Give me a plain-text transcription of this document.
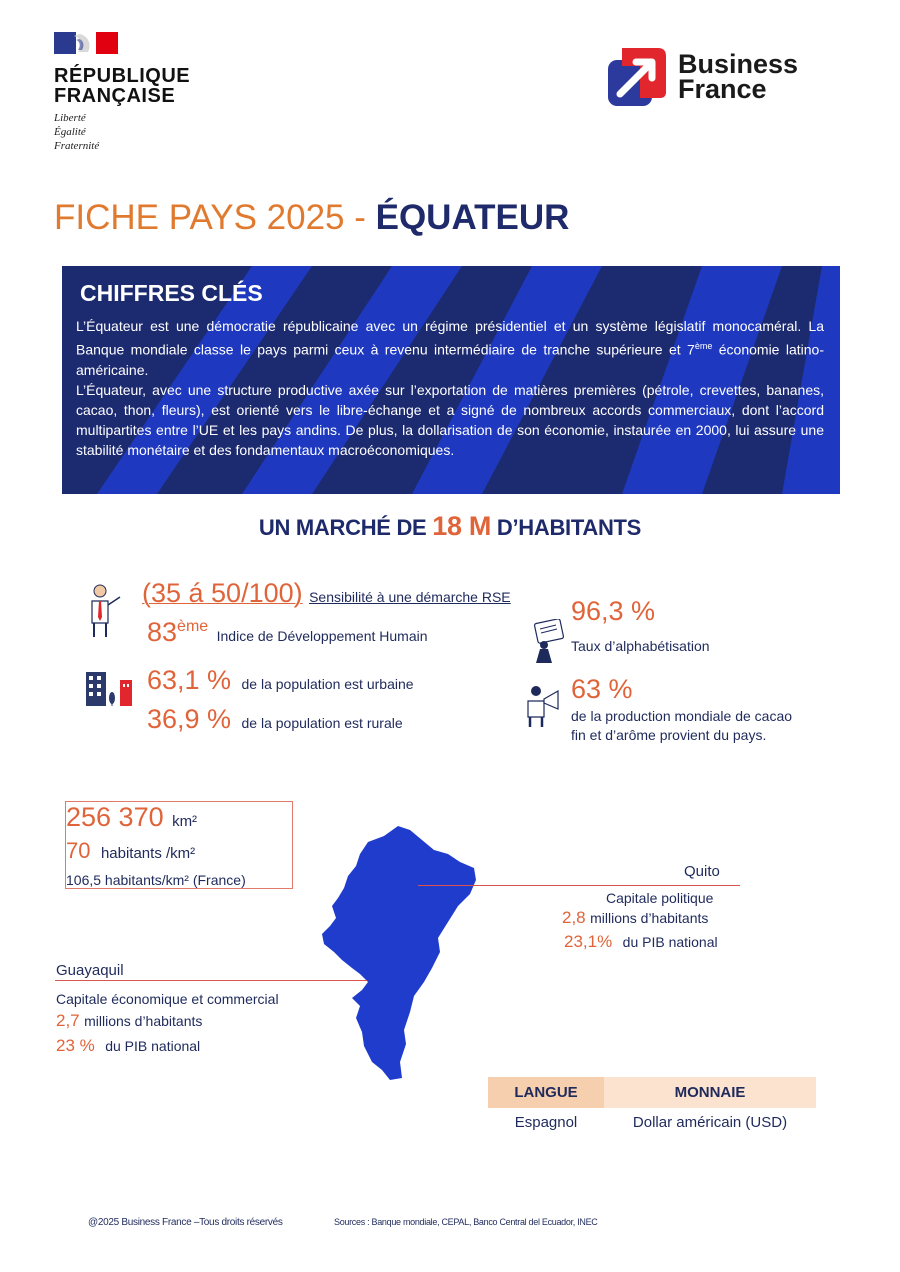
RÉPUBLIQUE
FRANÇAISE
Liberté
Égalité
Fraternité
Business
France
FICHE PAYS 2025 - ÉQUATEUR
CHIFFRES CLÉS

L’Équateur est une démocratie républicaine avec un régime présidentiel et un système législatif monocaméral. La Banque mondiale classe le pays parmi ceux à revenu intermédiaire de tranche supérieure et 7ème économie latino-américaine.

L’Équateur, avec une structure productive axée sur l’exportation de matières premières (pétrole, crevettes, bananes, cacao, thon, fleurs), est orienté vers le libre-échange et a signé de nombreux accords commerciaux, dont l’accord multipartites entre l’UE et les pays andins. De plus, la dollarisation de son économie, instaurée en 2000, lui assure une stabilité monétaire et des fondamentaux macroéconomiques.

UN MARCHÉ DE 18 M D’HABITANTS
(35 á 50/100) Sensibilité à une démarche RSE
83ème Indice de Développement Humain
63,1 % de la population est urbaine
36,9 % de la population est rurale
96,3 %
Taux d’alphabétisation
63 %
de la production mondiale de cacao
fin et d’arôme provient du pays.
256 370 km²
70 habitants /km²
106,5 habitants/km² (France)	Quito
Capitale politique
2,8 millions d’habitants
23,1% du PIB national
Guayaquil
Capitale économique et commercial
2,7 millions d’habitants
23 % du PIB national
LANGUE	MONNAIE
Espagnol	Dollar américain (USD)
@2025 Business France –Tous droits réservés	Sources : Banque mondiale, CEPAL, Banco Central del Ecuador, INEC
